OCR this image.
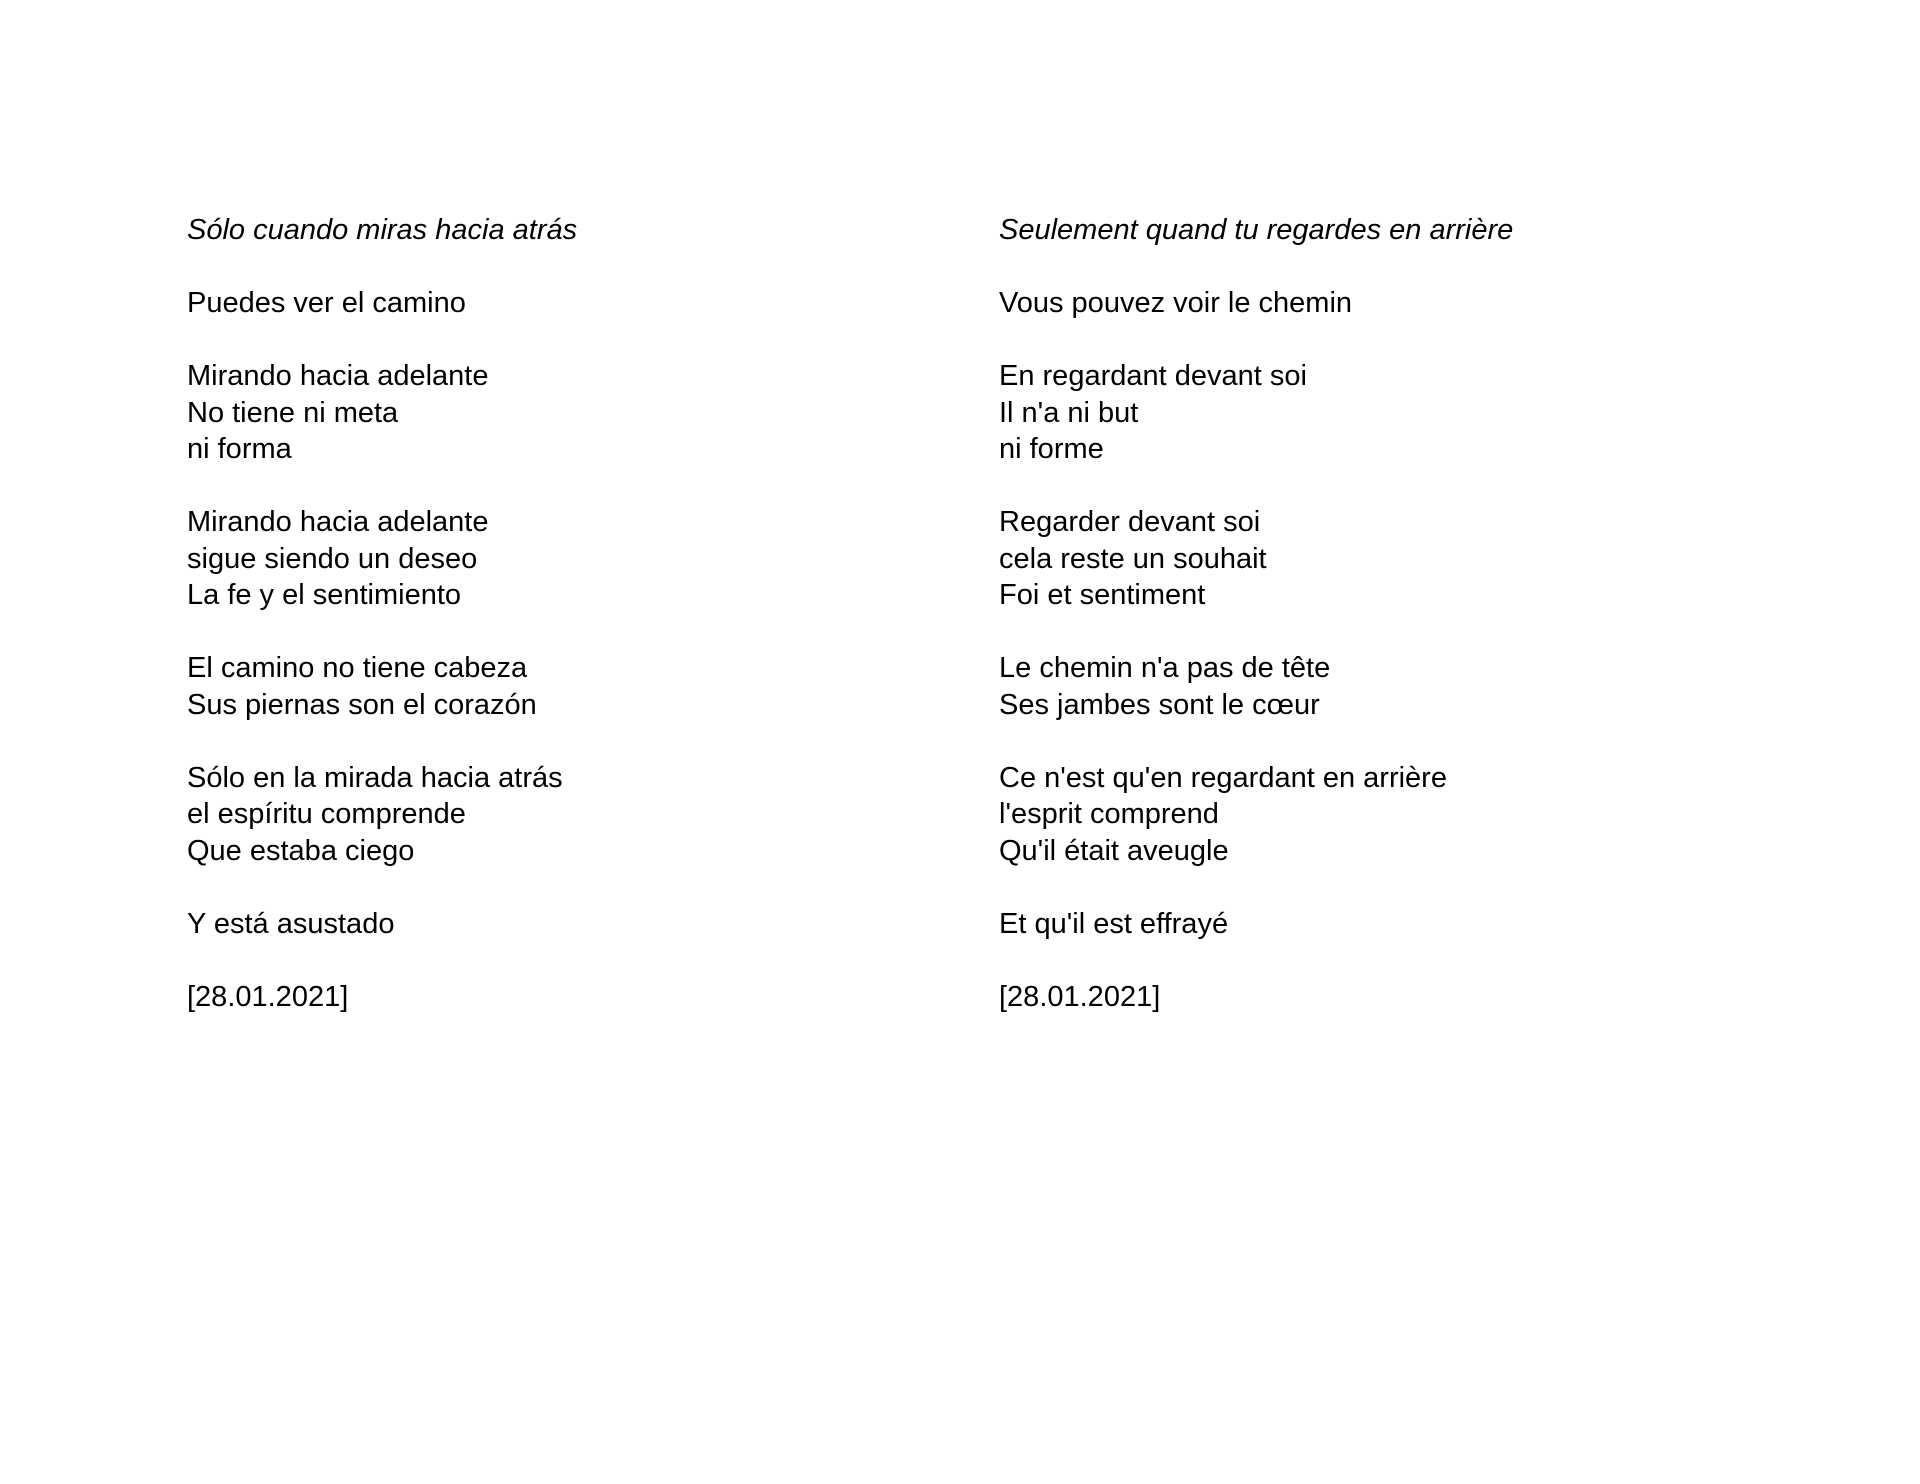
Sólo cuando miras hacia atrás
Puedes ver el camino
Mirando hacia adelante
No tiene ni meta
ni forma
Mirando hacia adelante
sigue siendo un deseo
La fe y el sentimiento
El camino no tiene cabeza
Sus piernas son el corazón
Sólo en la mirada hacia atrás
el espíritu comprende
Que estaba ciego
Y está asustado
[28.01.2021]
Seulement quand tu regardes en arrière
Vous pouvez voir le chemin
En regardant devant soi
Il n'a ni but
ni forme
Regarder devant soi
cela reste un souhait
Foi et sentiment
Le chemin n'a pas de tête
Ses jambes sont le cœur
Ce n'est qu'en regardant en arrière
l'esprit comprend
Qu'il était aveugle
Et qu'il est effrayé
[28.01.2021]
